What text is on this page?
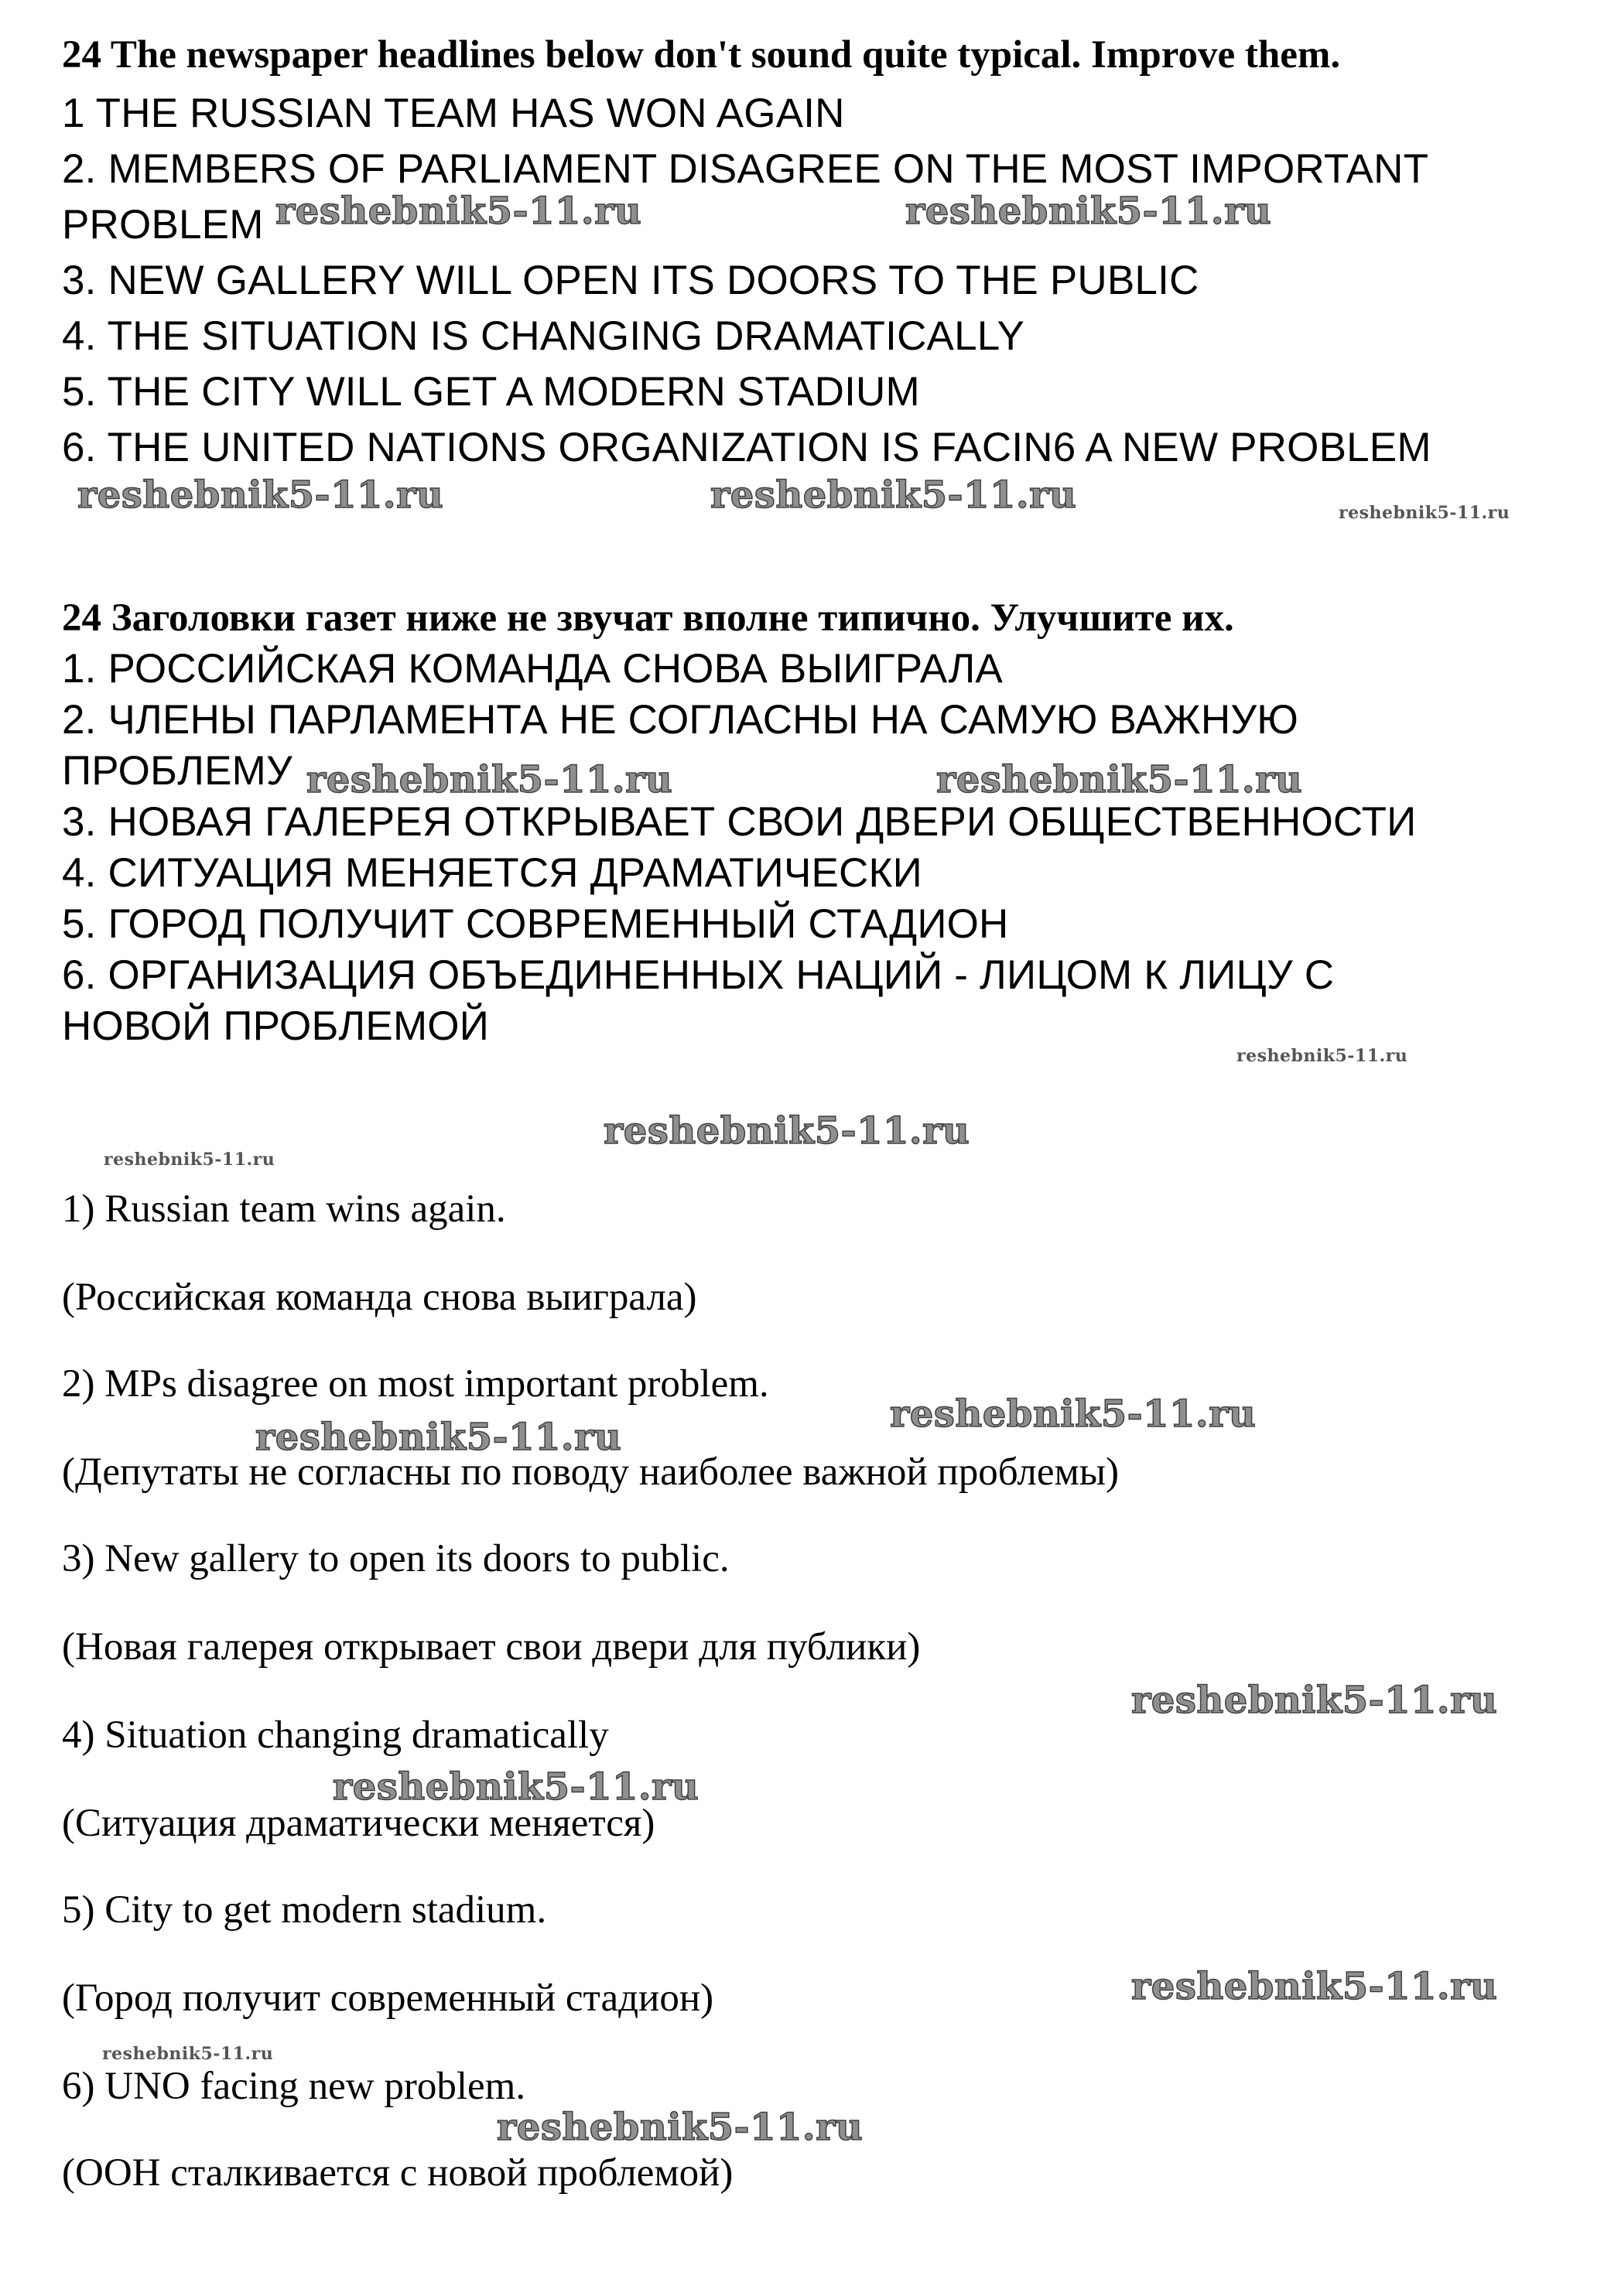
24 The newspaper headlines below don't sound quite typical. Improve them.
1 THE RUSSIAN TEAM HAS WON AGAIN
2. MEMBERS OF PARLIAMENT DISAGREE ON THE MOST IMPORTANT
PROBLEM
3. NEW GALLERY WILL OPEN ITS DOORS TO THE PUBLIC
4. THE SITUATION IS CHANGING DRAMATICALLY
5. THE CITY WILL GET A MODERN STADIUM
6. THE UNITED NATIONS ORGANIZATION IS FACIN6 A NEW PROBLEM
24 Заголовки газет ниже не звучат вполне типично. Улучшите их.
1. РОССИЙСКАЯ КОМАНДА СНОВА ВЫИГРАЛА
2. ЧЛЕНЫ ПАРЛАМЕНТА НЕ СОГЛАСНЫ НА САМУЮ ВАЖНУЮ
ПРОБЛЕМУ
3. НОВАЯ ГАЛЕРЕЯ ОТКРЫВАЕТ СВОИ ДВЕРИ ОБЩЕСТВЕННОСТИ
4. СИТУАЦИЯ МЕНЯЕТСЯ ДРАМАТИЧЕСКИ
5. ГОРОД ПОЛУЧИТ СОВРЕМЕННЫЙ СТАДИОН
6. ОРГАНИЗАЦИЯ ОБЪЕДИНЕННЫХ НАЦИЙ - ЛИЦОМ К ЛИЦУ С
НОВОЙ ПРОБЛЕМОЙ
1) Russian team wins again.
(Российская команда снова выиграла)
2) MPs disagree on most important problem.
(Депутаты не согласны по поводу наиболее важной проблемы)
3) New gallery to open its doors to public.
(Новая галерея открывает свои двери для публики)
4) Situation changing dramatically
(Ситуация драматически меняется)
5) City to get modern stadium.
(Город получит современный стадион)
6) UNO facing new problem.
(ООН сталкивается с новой проблемой)
reshebnik5-11.ru	reshebnik5-11.ru
reshebnik5-11.ru	reshebnik5-11.ru	reshebnik5-11.ru
reshebnik5-11.ru	reshebnik5-11.ru
reshebnik5-11.ru
reshebnik5-11.ru
reshebnik5-11.ru
reshebnik5-11.ru
reshebnik5-11.ru
reshebnik5-11.ru
reshebnik5-11.ru
reshebnik5-11.ru
reshebnik5-11.ru
reshebnik5-11.ru
